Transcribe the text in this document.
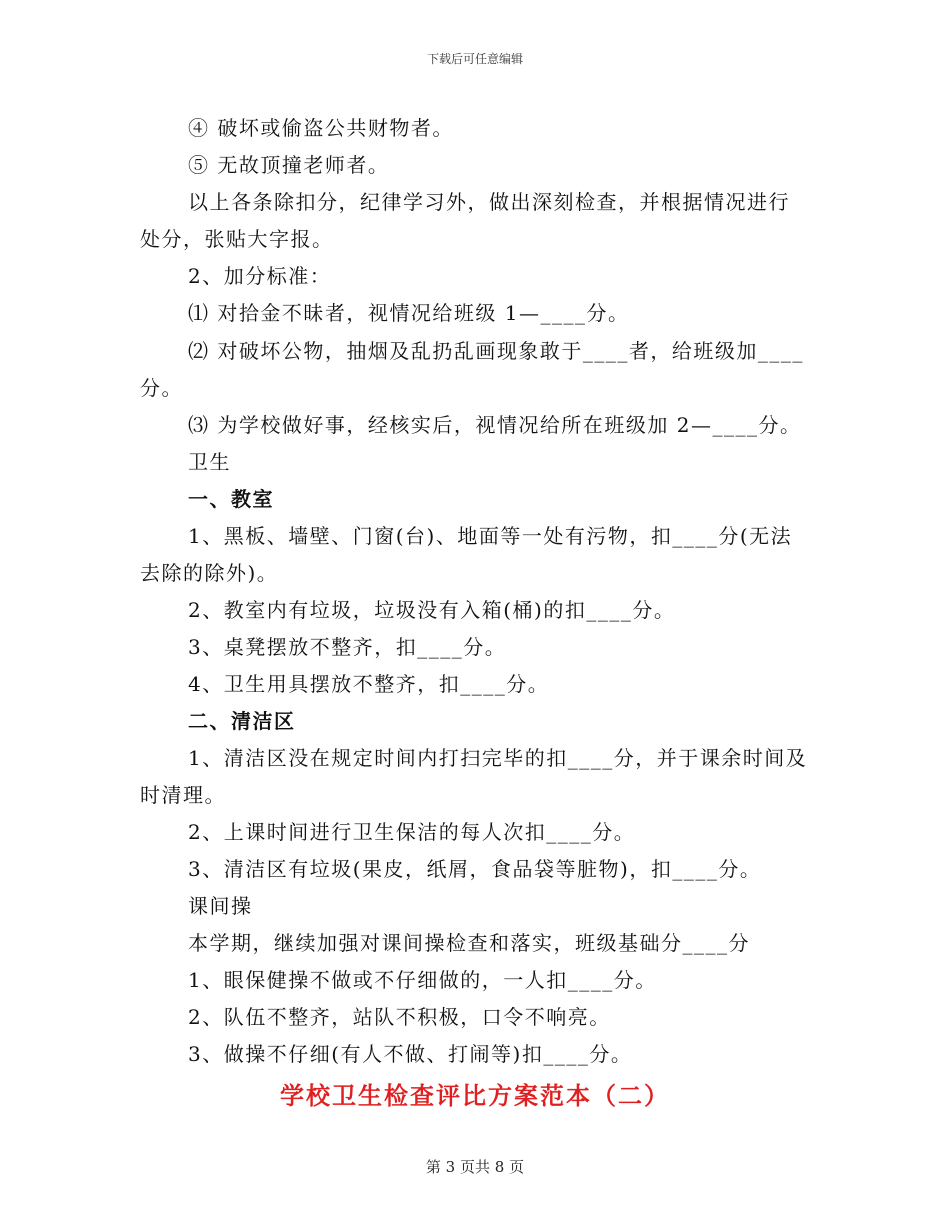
下载后可任意编辑
④ 破坏或偷盗公共财物者。
⑤ 无故顶撞老师者。
以上各条除扣分，纪律学习外，做出深刻检查，并根据情况进行
处分，张贴大字报。
2、加分标准：
⑴ 对拾金不昧者，视情况给班级 1—____分。
⑵ 对破坏公物，抽烟及乱扔乱画现象敢于____者，给班级加____
分。
⑶ 为学校做好事，经核实后，视情况给所在班级加 2—____分。
卫生
一、教室
1、黑板、墙壁、门窗(台)、地面等一处有污物，扣____分(无法
去除的除外)。
2、教室内有垃圾，垃圾没有入箱(桶)的扣____分。
3、桌凳摆放不整齐，扣____分。
4、卫生用具摆放不整齐，扣____分。
二、清洁区
1、清洁区没在规定时间内打扫完毕的扣____分，并于课余时间及
时清理。
2、上课时间进行卫生保洁的每人次扣____分。
3、清洁区有垃圾(果皮，纸屑，食品袋等脏物)，扣____分。
课间操
本学期，继续加强对课间操检查和落实，班级基础分____分
1、眼保健操不做或不仔细做的，一人扣____分。
2、队伍不整齐，站队不积极，口令不响亮。
3、做操不仔细(有人不做、打闹等)扣____分。
学校卫生检查评比方案范本（二）
第 3 页共 8 页
